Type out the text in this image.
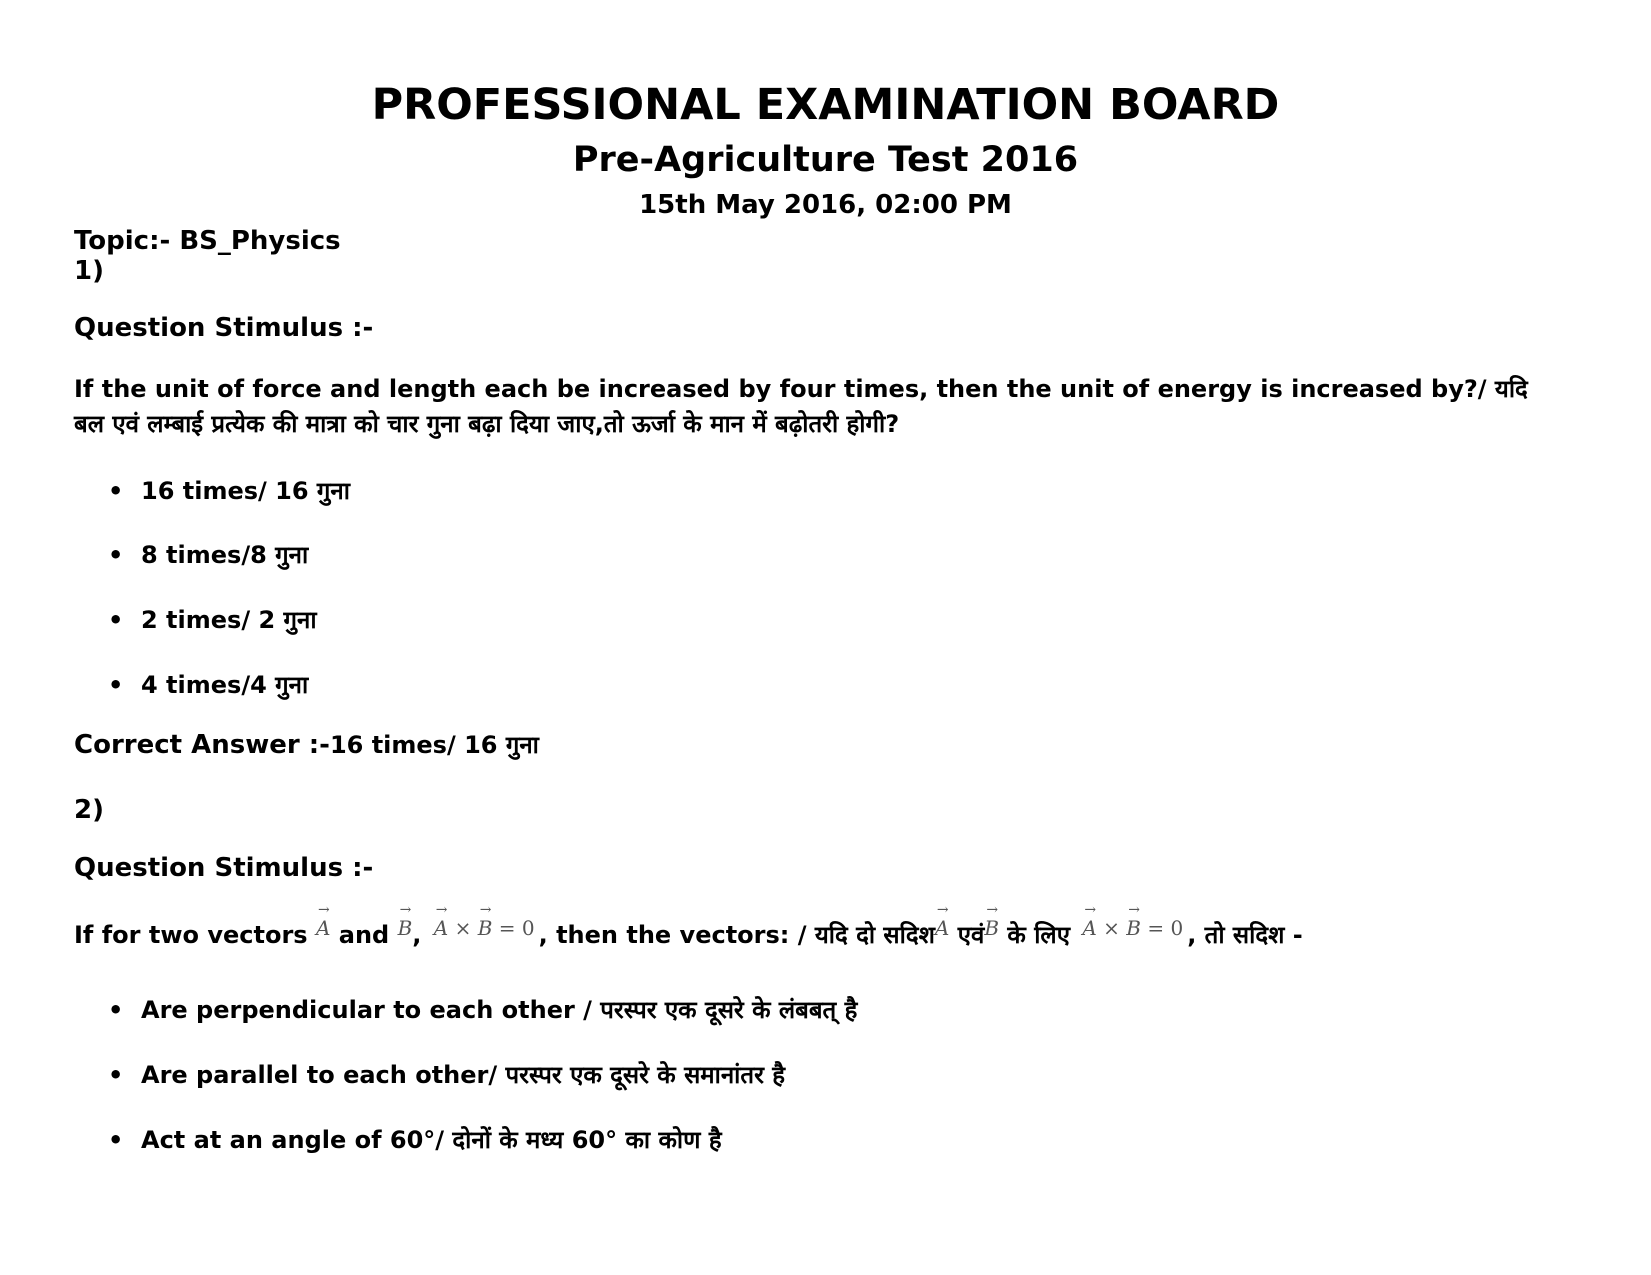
PROFESSIONAL EXAMINATION BOARD
Pre-Agriculture Test 2016
15th May 2016, 02:00 PM
Topic:- BS_Physics
1)
Question Stimulus :-
If the unit of force and length each be increased by four times, then the unit of energy is increased by?/ यदि
बल एवं लम्बाई प्रत्येक की मात्रा को चार गुना बढ़ा दिया जाए,तो ऊर्जा के मान में बढ़ोतरी होगी?
• 16 times/ 16 गुना
• 8 times/8 गुना
• 2 times/ 2 गुना
• 4 times/4 गुना
Correct Answer :-16 times/ 16 गुना
2)
Question Stimulus :-
If for two vectors → A and → B, → A × → B = 0 , then the vectors: / यदि दो सदिश→ A एवं→ B के लिए → A × → B = 0 , तो सदिश -
• Are perpendicular to each other / परस्पर एक दूसरे के लंबबत् है
• Are parallel to each other/ परस्पर एक दूसरे के समानांतर है
• Act at an angle of 60°/ दोनों के मध्य 60° का कोण है
